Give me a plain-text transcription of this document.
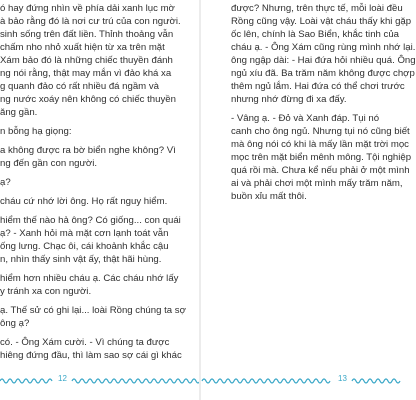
ó hay đứng nhìn về phía dải xanh lục mờ
à bảo rằng đó là nơi cư trú của con người.
sinh sống trên đất liền. Thỉnh thoảng vẫn
chấm nho nhỏ xuất hiện từ xa trên mặt
Xám bảo đó là những chiếc thuyền đánh
ng nói rằng, thật may mắn vì đảo khá xa
g quanh đảo có rất nhiều đá ngầm và
ng nước xoáy nên không có chiếc thuyền
ăng gần.
n bỗng hạ giọng:
a không được ra bờ biển nghe không? Vì
ng đến gần con người.
ạ?
cháu cứ nhớ lời ông. Họ rất nguy hiểm.
hiểm thế nào hả ông? Có giống... con quái
ạ? - Xanh hỏi mà mặt cơn lạnh toát vẫn
ống lưng. Chạc ôi, cái khoảnh khắc cậu
n, nhìn thấy sinh vật ấy, thật hãi hùng.
hiểm hơn nhiều cháu ạ. Các cháu nhớ lấy
y tránh xa con người.
ạ. Thế sử có ghi lại... loài Rồng chúng ta sợ
ông ạ?
có. - Ông Xám cười. - Vì chúng ta được
hiêng đứng đầu, thì làm sao sợ cái gì khác
12
được? Nhưng, trên thực tế, mỗi loài đều
Rồng cũng vậy. Loài vật cháu thấy khi gặp
ốc lên, chính là Sao Biển, khắc tinh của
cháu ạ. - Ông Xám cũng rùng mình nhớ lại.
ông ngập dài: - Hai đứa hỏi nhiều quá. Ông
ngủ xíu đã. Ba trăm năm không được chợp
thêm ngủ lắm. Hai đứa có thể chơi trước
nhưng nhớ đừng đi xa đấy.
- Vâng ạ. - Đỏ và Xanh đáp. Tụi nó
canh cho ông ngủ. Nhưng tụi nó cũng biết
mà ông nói có khi là mấy lần mặt trời mọc
mọc trên mặt biển mênh mông. Tội nghiệp
quá rồi mà. Chưa kể nếu phải ở một mình
ai và phải chơi một mình mấy trăm năm,
buồn xỉu mất thôi.
13
